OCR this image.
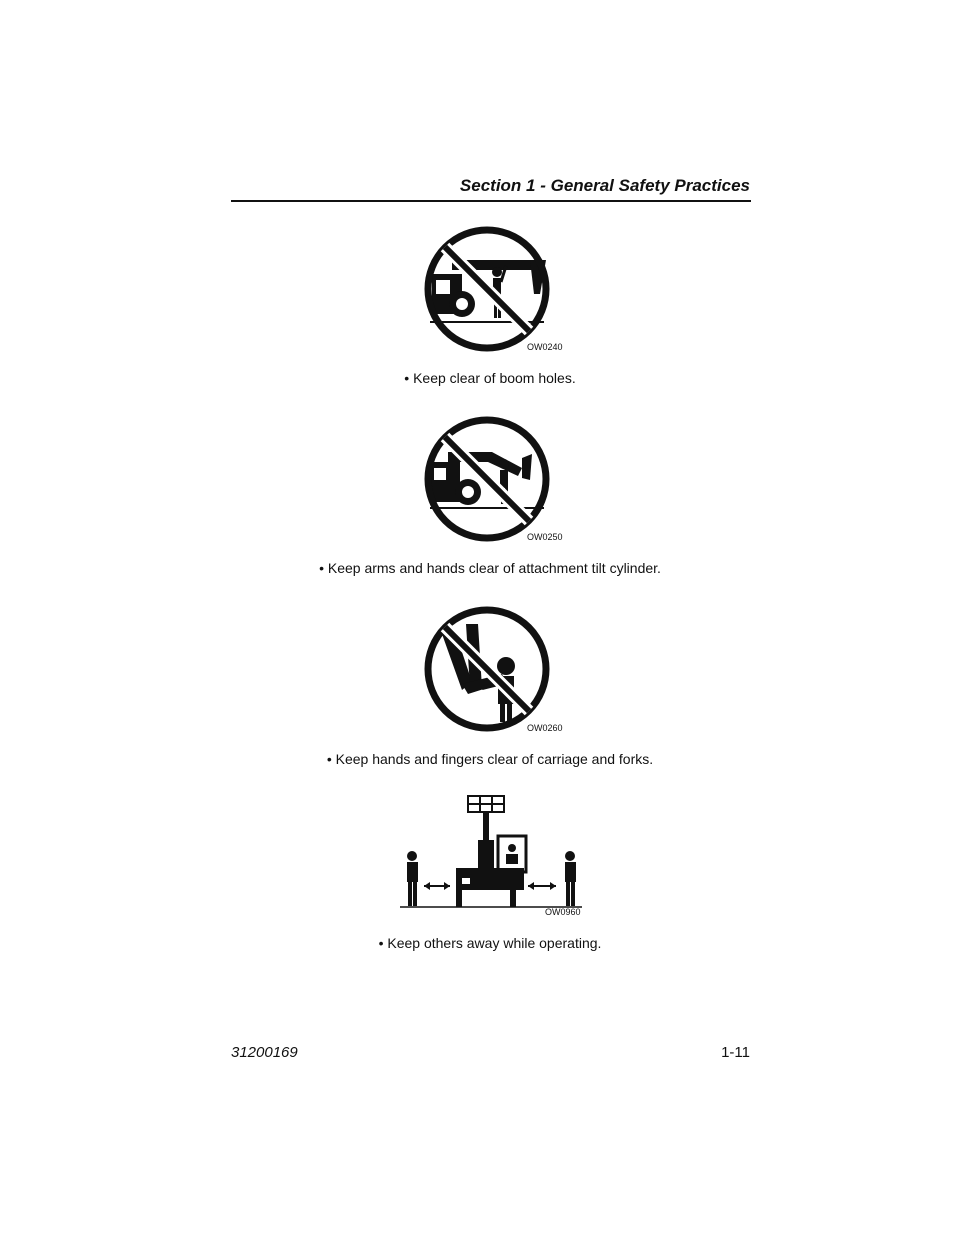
Section 1 - General Safety Practices
OW0240
• Keep clear of boom holes.
OW0250
• Keep arms and hands clear of attachment tilt cylinder.
OW0260
• Keep hands and fingers clear of carriage and forks.
OW0960
• Keep others away while operating.
31200169	1-11
